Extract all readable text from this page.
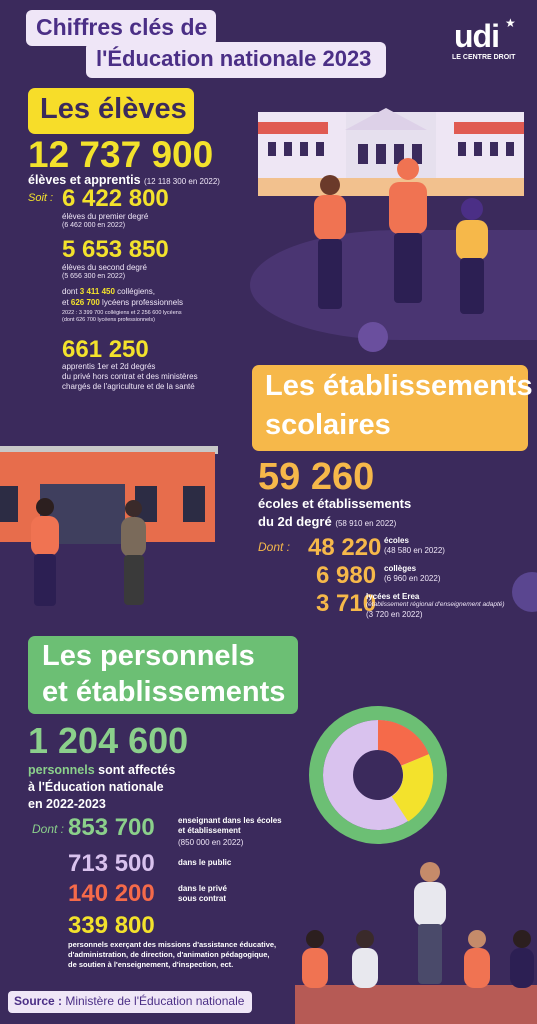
Chiffres clés de
l'Éducation nationale 2023
udi ★
LE CENTRE DROIT
Les élèves
12 737 900
élèves et apprentis (12 118 300 en 2022)
Soit : 6 422 800
élèves du premier degré
(6 462 000 en 2022)
5 653 850
élèves du second degré
(5 656 300 en 2022)
dont 3 411 450 collégiens,
et 626 700 lycéens professionnels
2022 : 3 399 700 collégiens et 2 256 600 lycéens
(dont 626 700 lycéens professionnels)
661 250
apprentis 1er et 2d degrés
du privé hors contrat et des ministères
chargés de l'agriculture et de la santé Les établissements
scolaires
59 260
écoles et établissements
du 2d degré (58 910 en 2022)
Dont : 48 220 écoles
(48 580 en 2022)
6 980 collèges
(6 960 en 2022)
3 710
lycées et Erea
(établissement régional d'enseignement adapté)
(3 720 en 2022)
Les personnels
et établissements
1 204 600
personnels sont affectés
à l'Éducation nationale
en 2022-2023
Dont : 853 700	enseignant dans les écoles
et établissement
(850 000 en 2022)
713 500	dans le public
140 200	dans le privé
sous contrat
339 800
personnels exerçant des missions d'assistance éducative,
d'administration, de direction, d'animation pédagogique,
de soutien à l'enseignement, d'inspection, ect.
Source : Ministère de l'Éducation nationale
